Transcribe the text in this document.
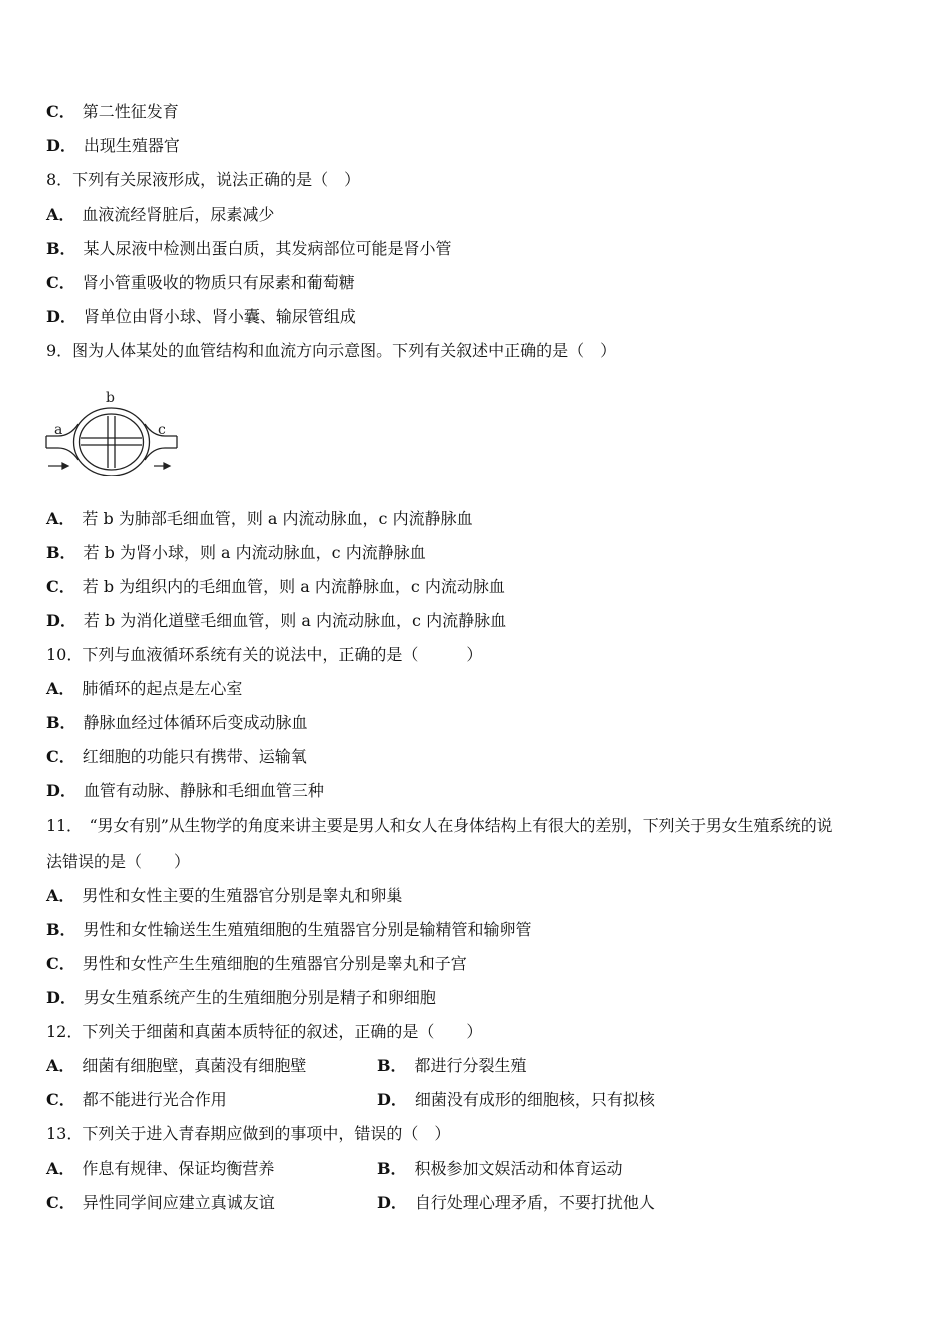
C． 第二性征发育
D． 出现生殖器官
8．下列有关尿液形成，说法正确的是（　）
A． 血液流经肾脏后，尿素减少
B． 某人尿液中检测出蛋白质，其发病部位可能是肾小管
C． 肾小管重吸收的物质只有尿素和葡萄糖
D． 肾单位由肾小球、肾小囊、输尿管组成
9．图为人体某处的血管结构和血流方向示意图。下列有关叙述中正确的是（　）
a
b
c
A． 若 b 为肺部毛细血管，则 a 内流动脉血，c 内流静脉血
B． 若 b 为肾小球，则 a 内流动脉血，c 内流静脉血
C． 若 b 为组织内的毛细血管，则 a 内流静脉血，c 内流动脉血
D． 若 b 为消化道壁毛细血管，则 a 内流动脉血，c 内流静脉血
10．下列与血液循环系统有关的说法中，正确的是（　　　）
A． 肺循环的起点是左心室
B． 静脉血经过体循环后变成动脉血
C． 红细胞的功能只有携带、运输氧
D． 血管有动脉、静脉和毛细血管三种
11．　“男女有别”从生物学的角度来讲主要是男人和女人在身体结构上有很大的差别，下列关于男女生殖系统的说
法错误的是（　　）
A． 男性和女性主要的生殖器官分别是睾丸和卵巢
B． 男性和女性输送生生殖殖细胞的生殖器官分别是输精管和输卵管
C． 男性和女性产生生殖细胞的生殖器官分别是睾丸和子宫
D． 男女生殖系统产生的生殖细胞分别是精子和卵细胞
12．下列关于细菌和真菌本质特征的叙述，正确的是（　　）
A． 细菌有细胞壁，真菌没有细胞壁	B． 都进行分裂生殖
C． 都不能进行光合作用	D． 细菌没有成形的细胞核，只有拟核
13．下列关于进入青春期应做到的事项中，错误的（　）
A． 作息有规律、保证均衡营养	B． 积极参加文娱活动和体育运动
C． 异性同学间应建立真诚友谊	D． 自行处理心理矛盾，不要打扰他人
